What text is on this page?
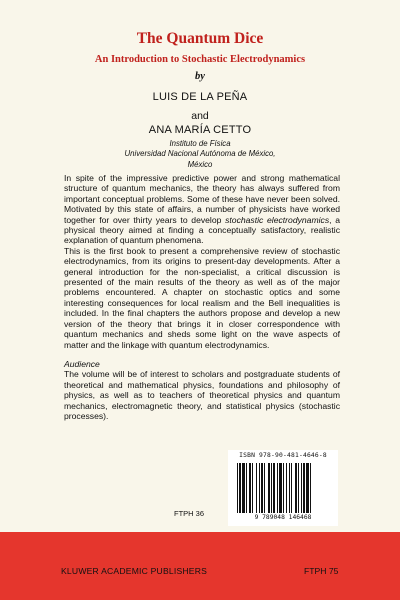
The Quantum Dice
An Introduction to Stochastic Electrodynamics
by
LUIS DE LA PEÑA
and
ANA MARÍA CETTO
Instituto de Física
Universidad Nacional Autónoma de México,
México

In spite of the impressive predictive power and strong mathematical structure of quantum mechanics, the theory has always suffered from important conceptual problems. Some of these have never been solved. Motivated by this state of affairs, a number of physicists have worked together for over thirty years to develop stochastic electrodynamics, a physical theory aimed at finding a conceptually satisfactory, realistic explanation of quantum phenomena.

This is the first book to present a comprehensive review of stochastic electrodynamics, from its origins to present-day developments. After a general introduction for the non-specialist, a critical discussion is presented of the main results of the theory as well as of the major problems encountered. A chapter on stochastic optics and some interesting consequences for local realism and the Bell inequalities is included. In the final chapters the authors propose and develop a new version of the theory that brings it in closer correspondence with quantum mechanics and sheds some light on the wave aspects of matter and the linkage with quantum electrodynamics.

Audience

The volume will be of interest to scholars and postgraduate students of theoretical and mathematical physics, foundations and philosophy of physics, as well as to teachers of theoretical physics and quantum mechanics, electromagnetic theory, and statistical physics (stochastic processes).

ISBN 978-90-481-4646-8
9 789048 146468
FTPH 36
KLUWER ACADEMIC PUBLISHERS	FTPH 75
